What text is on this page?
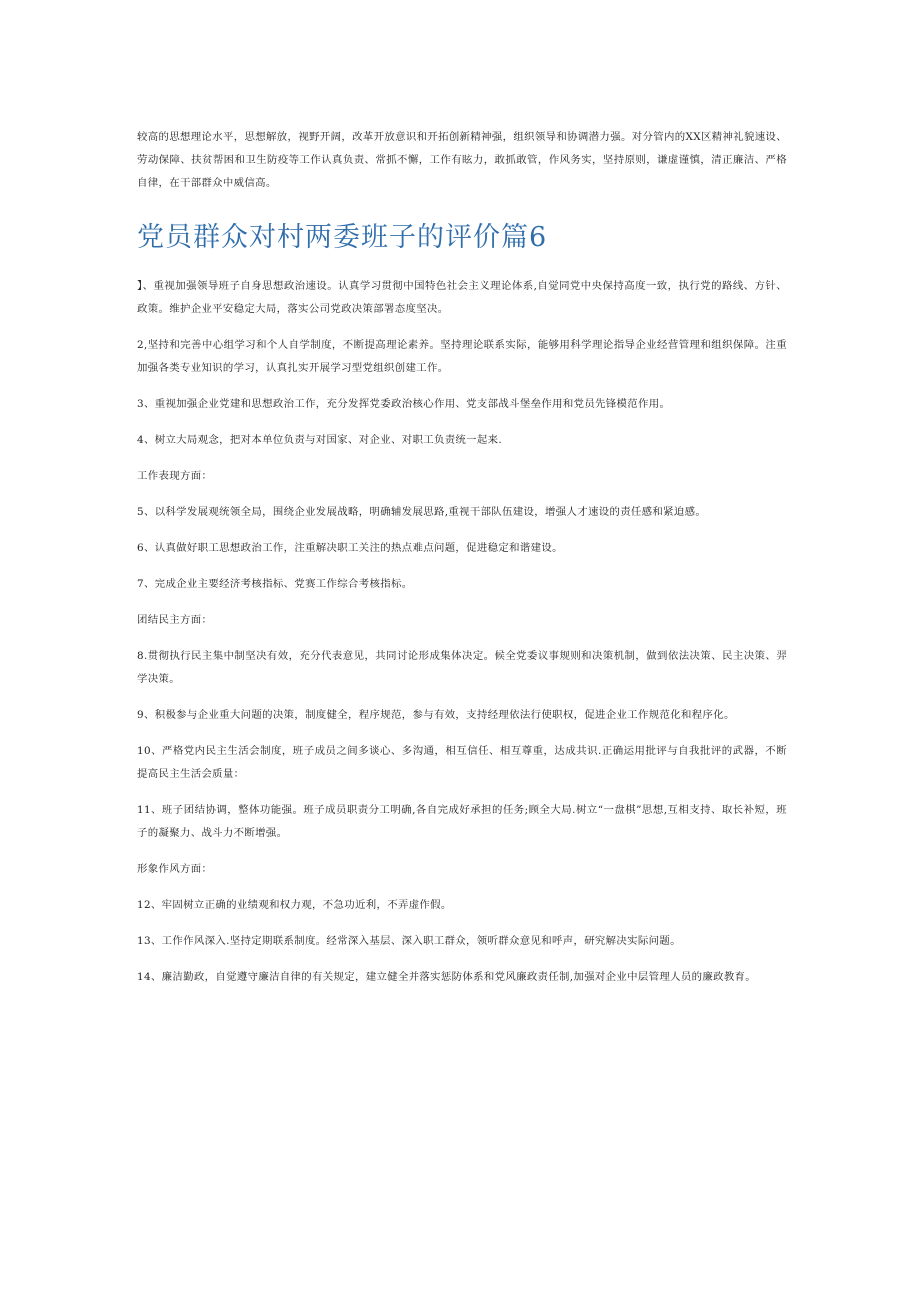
较高的思想理论水平，思想解放，视野开阔，改革开放意识和开拓创新精神强，组织领导和协调潜力强。对分管内的XX区精神礼貌速设、劳动保障、扶贫帮困和卫生防疫等工作认真负责、常抓不懈，工作有眩力，敢抓敢管，作风务实，坚持原则，谦虚谨慎，清正廉洁、严格自律，在干部群众中威信高。

党员群众对村两委班子的评价篇6

】、重视加强领导班子自身思想政治速设。认真学习贯彻中国特色社会主义理论体系,自觉同党中央保持高度一致，执行党的路线、方针、政策。维护企业平安稳定大局，落实公司党政决策部署态度坚决。

2,坚持和完善中心组学习和个人自学制度，不断提高理论素养。坚持理论联系实际，能够用科学理论指导企业经营管理和组织保障。注重加强各类专业知识的学习，认真扎实开展学习型党组织创建工作。

3、重视加强企业党建和思想政治工作，充分发挥党委政治核心作用、党支部战斗堡垒作用和党员先锋模范作用。

4、树立大局观念，把对本单位负责与对国家、对企业、对职工负责统一起来.

工作表现方面：

5、以科学发展观统领全局，围绕企业发展战略，明确辅发展思路,重视干部队伍建设，增强人才速设的责任感和紧迫感。

6、认真做好职工思想政治工作，注重解决职工关注的热点难点问题，促进稳定和谐建设。

7、完成企业主要经济考核指标、党赛工作综合考核指标。

团结民主方面：

8.贯彻执行民主集中制坚决有效，充分代表意见，共同讨论形成集体决定。候全党委议事规则和决策机制，做到依法决策、民主决策、羿学决策。

9、积极参与企业重大问题的决策，制度健全，程序规范，参与有效，支持经理依法行使职权，促进企业工作规范化和程序化。

10、严格党内民主生活会制度，班子成员之间多谈心、多沟通，相互信任、相互尊重，达成共识.正确运用批评与自我批评的武器，不断提高民主生活会质量：

11、班子团结协调，整体功能强。班子成员职责分工明确,各自完成好承担的任务;顾全大局.树立“一盘棋”思想,互相支持、取长补短，班子的凝聚力、战斗力不断增强。

形象作风方面：

12、牢固树立正确的业绩观和权力观，不急功近利，不弄虚作假。

13、工作作风深入.坚持定期联系制度。经常深入基层、深入职工群众，领听群众意见和呼声，研究解决实际问题。

14、廉洁勤政，自觉遵守廉洁自律的有关规定，建立健全并落实惩防体系和党风廉政责任制,加强对企业中层管理人员的廉政教育。
